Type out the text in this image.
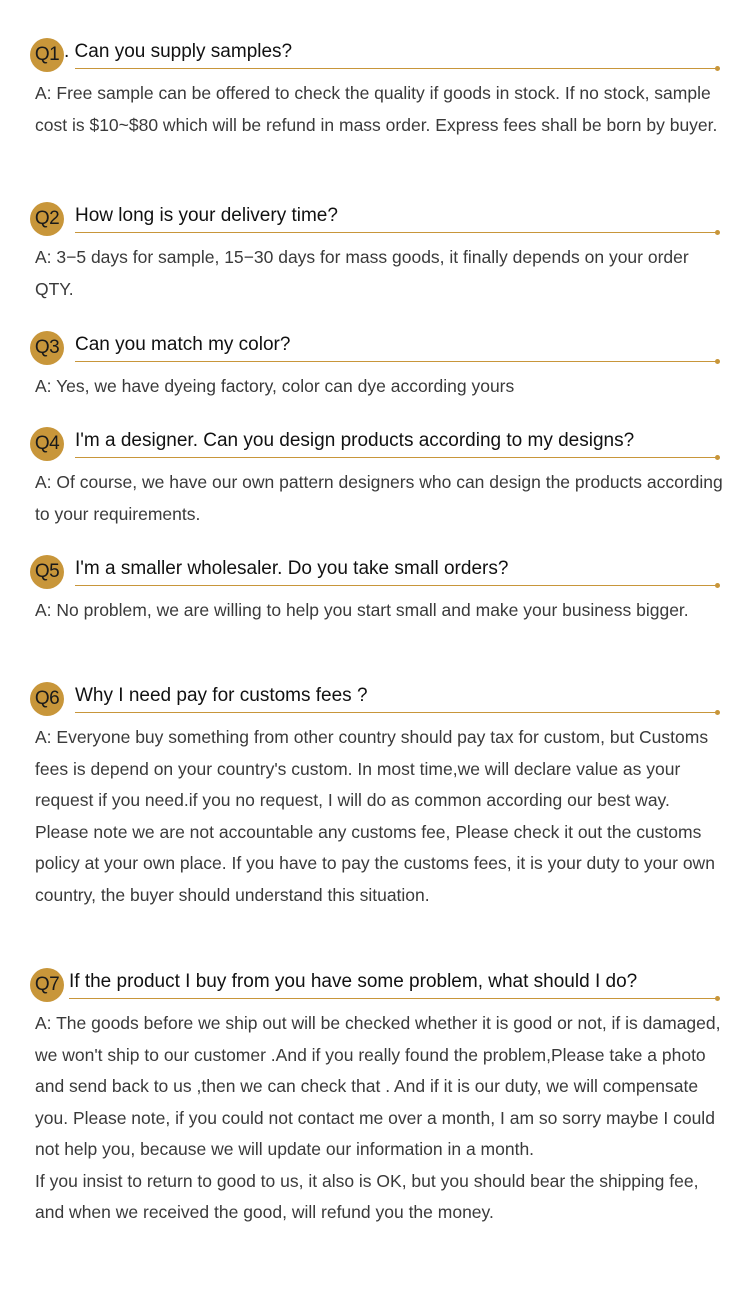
Q1 . Can you supply samples?

A: Free sample can be offered to check the quality if goods in stock. If no stock, sample cost is $10~$80 which will be refund in mass order. Express fees shall be born by buyer.

Q2 How long is your delivery time?

A: 3−5 days for sample, 15−30 days for mass goods, it finally depends on your order QTY.

Q3 Can you match my color?

A: Yes, we have dyeing factory, color can dye according yours

Q4 I'm a designer. Can you design products according to my designs?

A: Of course, we have our own pattern designers who can design the products according to your requirements.

Q5 I'm a smaller wholesaler. Do you take small orders?

A: No problem, we are willing to help you start small and make your business bigger.

Q6 Why I need pay for customs fees ?

A: Everyone buy something from other country should pay tax for custom, but Customs fees is depend on your country's custom. In most time,we will declare value as your request if you need.if you no request, I will do as common according our best way.

Please note we are not accountable any customs fee, Please check it out the customs policy at your own place. If you have to pay the customs fees, it is your duty to your own country, the buyer should understand this situation.

Q7 If the product I buy from you have some problem, what should I do?

A: The goods before we ship out will be checked whether it is good or not, if is damaged, we won't ship to our customer .And if you really found the problem,Please take a photo and send back to us ,then we can check that . And if it is our duty, we will compensate you. Please note, if you could not contact me over a month, I am so sorry maybe I could not help you, because we will update our information in a month.

If you insist to return to good to us, it also is OK, but you should bear the shipping fee, and when we received the good, will refund you the money.
